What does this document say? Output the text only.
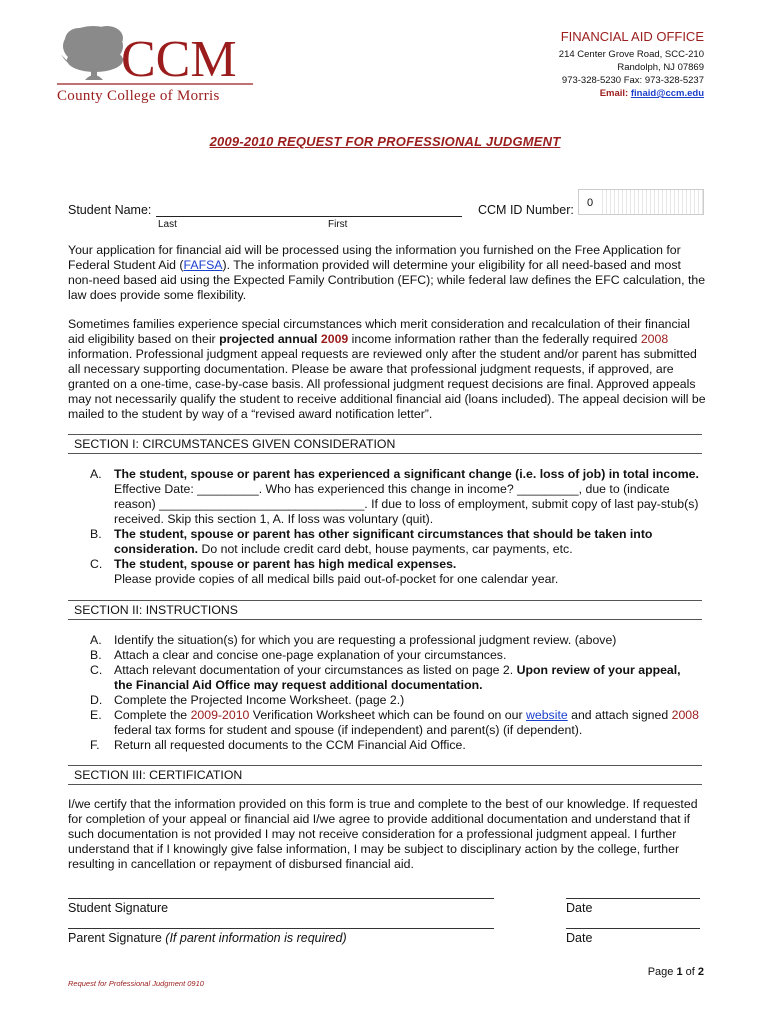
CCM
County College of Morris
FINANCIAL AID OFFICE
214 Center Grove Road, SCC-210
Randolph, NJ 07869
973-328-5230 Fax: 973-328-5237
Email: finaid@ccm.edu
2009-2010 REQUEST FOR PROFESSIONAL JUDGMENT
Student Name:
Last	First
CCM ID Number: 0
Your application for financial aid will be processed using the information you furnished on the Free Application for Federal Student Aid (FAFSA). The information provided will determine your eligibility for all need-based and most non-need based aid using the Expected Family Contribution (EFC); while federal law defines the EFC calculation, the law does provide some flexibility.
Sometimes families experience special circumstances which merit consideration and recalculation of their financial aid eligibility based on their projected annual 2009 income information rather than the federally required 2008 information. Professional judgment appeal requests are reviewed only after the student and/or parent has submitted all necessary supporting documentation. Please be aware that professional judgment requests, if approved, are granted on a one-time, case-by-case basis. All professional judgment request decisions are final. Approved appeals may not necessarily qualify the student to receive additional financial aid (loans included). The appeal decision will be mailed to the student by way of a “revised award notification letter”.
SECTION I: CIRCUMSTANCES GIVEN CONSIDERATION
A.	The student, spouse or parent has experienced a significant change (i.e. loss of job) in total income. Effective Date: _________. Who has experienced this change in income? _________, due to (indicate reason) ______________________________. If due to loss of employment, submit copy of last pay-stub(s) received. Skip this section 1, A. If loss was voluntary (quit).
B.	The student, spouse or parent has other significant circumstances that should be taken into consideration. Do not include credit card debt, house payments, car payments, etc.
C. The student, spouse or parent has high medical expenses.
Please provide copies of all medical bills paid out-of-pocket for one calendar year.
SECTION II: INSTRUCTIONS
A.	Identify the situation(s) for which you are requesting a professional judgment review. (above)
B.	Attach a clear and concise one-page explanation of your circumstances.
C. Attach relevant documentation of your circumstances as listed on page 2. Upon review of your appeal, the Financial Aid Office may request additional documentation.
D. Complete the Projected Income Worksheet. (page 2.)
E.	Complete the 2009-2010 Verification Worksheet which can be found on our website and attach signed 2008 federal tax forms for student and spouse (if independent) and parent(s) (if dependent).
F.	Return all requested documents to the CCM Financial Aid Office.
SECTION III: CERTIFICATION
I/we certify that the information provided on this form is true and complete to the best of our knowledge. If requested for completion of your appeal or financial aid I/we agree to provide additional documentation and understand that if such documentation is not provided I may not receive consideration for a professional judgment appeal. I further understand that if I knowingly give false information, I may be subject to disciplinary action by the college, further resulting in cancellation or repayment of disbursed financial aid.
Student Signature	Date
Parent Signature (If parent information is required)	Date
Page 1 of 2
Request for Professional Judgment 0910
